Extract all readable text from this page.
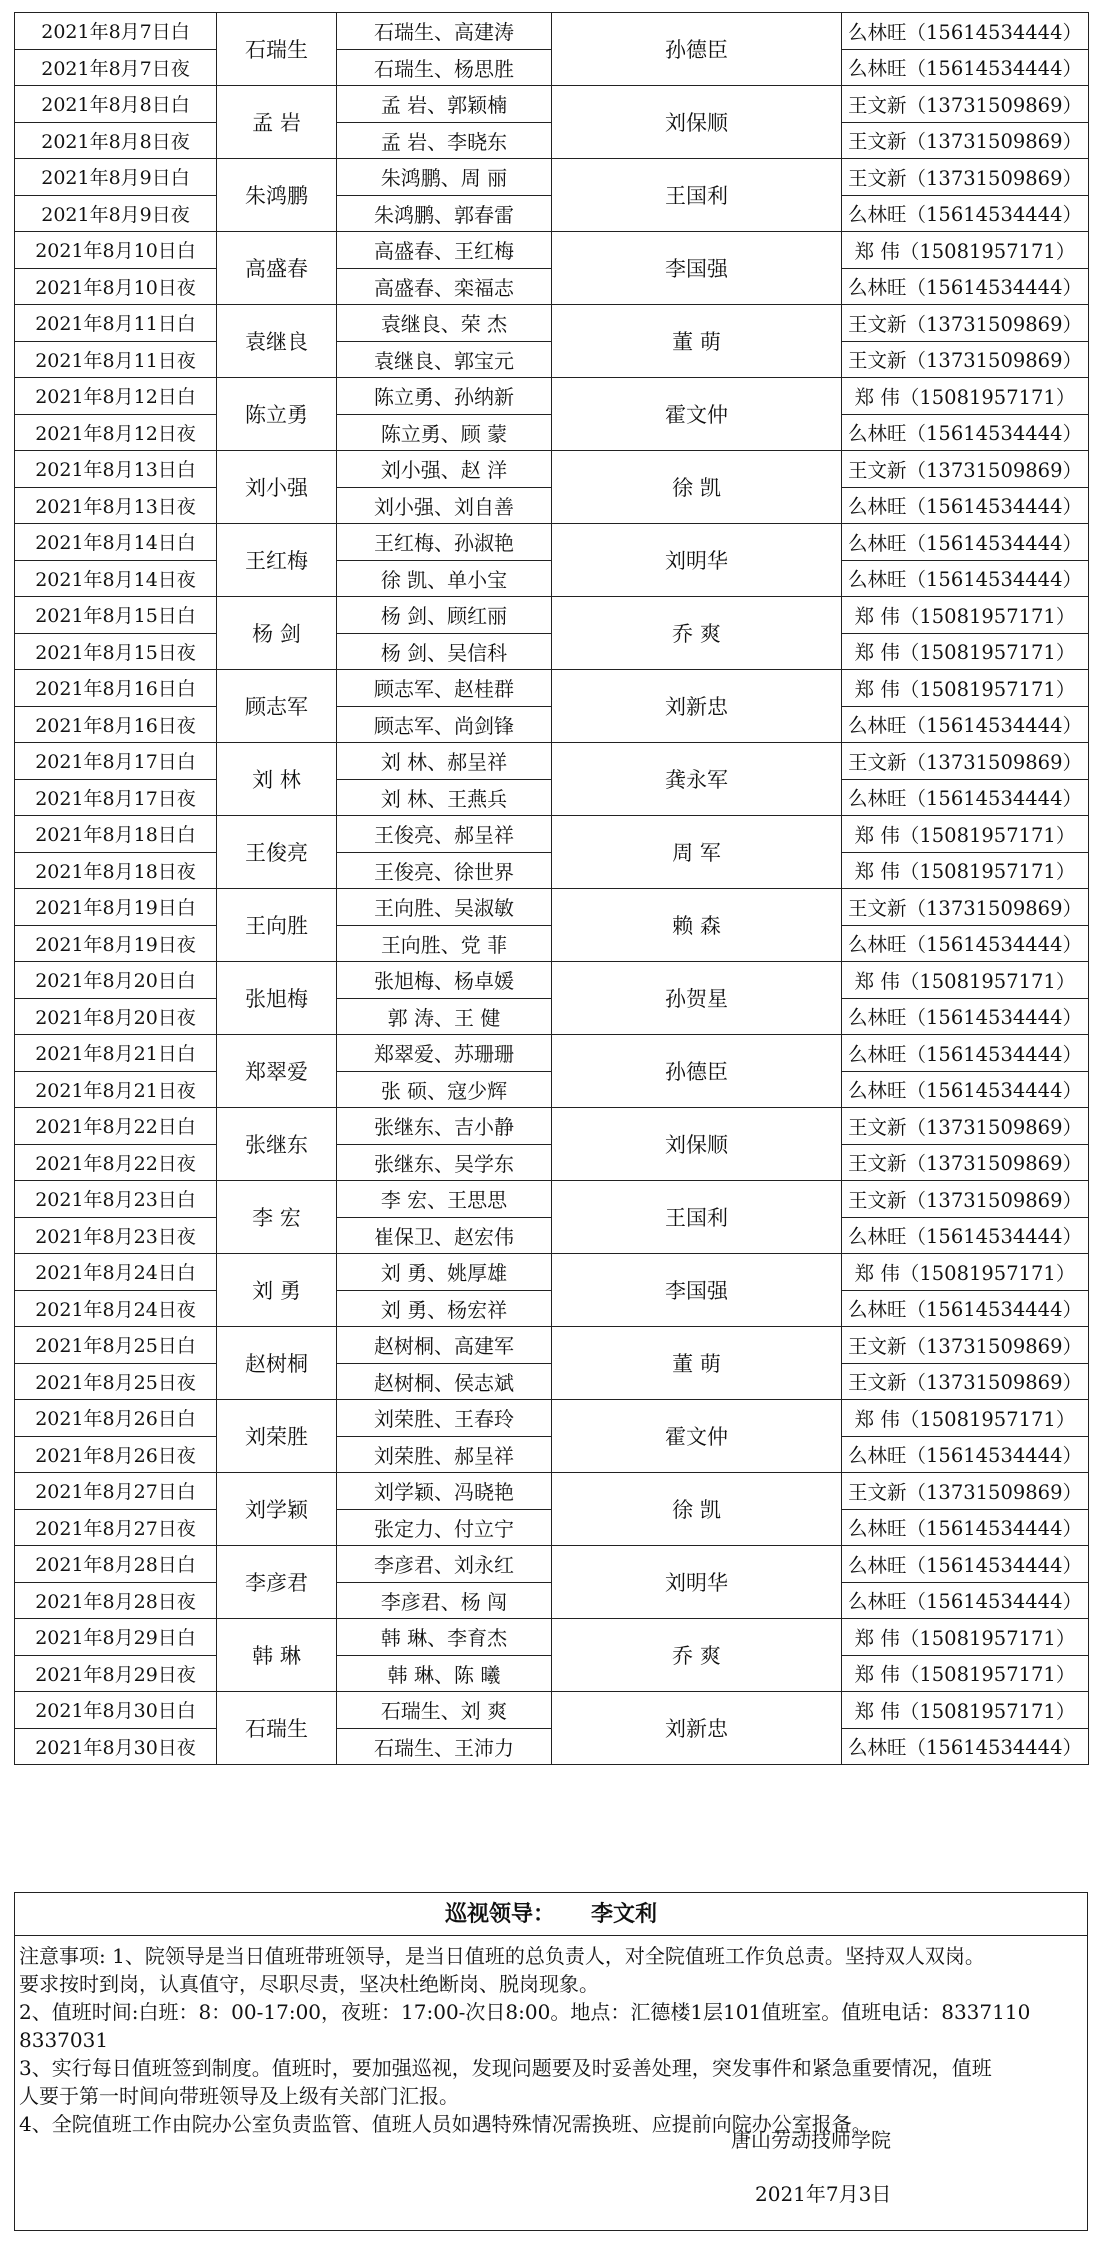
2021年8月7日白	石瑞生	石瑞生、高建涛	孙德臣	么林旺（15614534444）
2021年8月7日夜		石瑞生、杨思胜		么林旺（15614534444）
2021年8月8日白	孟 岩	孟 岩、郭颖楠	刘保顺	王文新（13731509869）
2021年8月8日夜		孟 岩、李晓东		王文新（13731509869）
2021年8月9日白	朱鸿鹏	朱鸿鹏、周 丽	王国利	王文新（13731509869）
2021年8月9日夜		朱鸿鹏、郭春雷		么林旺（15614534444）
2021年8月10日白	高盛春	高盛春、王红梅	李国强	郑 伟（15081957171）
2021年8月10日夜		高盛春、栾福志		么林旺（15614534444）
2021年8月11日白	袁继良	袁继良、荣 杰	董 萌	王文新（13731509869）
2021年8月11日夜		袁继良、郭宝元		王文新（13731509869）
2021年8月12日白	陈立勇	陈立勇、孙纳新	霍文仲	郑 伟（15081957171）
2021年8月12日夜		陈立勇、顾 蒙		么林旺（15614534444）
2021年8月13日白	刘小强	刘小强、赵 洋	徐 凯	王文新（13731509869）
2021年8月13日夜		刘小强、刘自善		么林旺（15614534444）
2021年8月14日白	王红梅	王红梅、孙淑艳	刘明华	么林旺（15614534444）
2021年8月14日夜		徐 凯、单小宝		么林旺（15614534444）
2021年8月15日白	杨 剑	杨 剑、顾红丽	乔 爽	郑 伟（15081957171）
2021年8月15日夜		杨 剑、吴信科		郑 伟（15081957171）
2021年8月16日白	顾志军	顾志军、赵桂群	刘新忠	郑 伟（15081957171）
2021年8月16日夜		顾志军、尚剑锋		么林旺（15614534444）
2021年8月17日白	刘 林	刘 林、郝呈祥	龚永军	王文新（13731509869）
2021年8月17日夜		刘 林、王燕兵		么林旺（15614534444）
2021年8月18日白	王俊亮	王俊亮、郝呈祥	周 军	郑 伟（15081957171）
2021年8月18日夜		王俊亮、徐世界		郑 伟（15081957171）
2021年8月19日白	王向胜	王向胜、吴淑敏	赖 森	王文新（13731509869）
2021年8月19日夜		王向胜、党 菲		么林旺（15614534444）
2021年8月20日白	张旭梅	张旭梅、杨卓媛	孙贺星	郑 伟（15081957171）
2021年8月20日夜		郭 涛、王 健		么林旺（15614534444）
2021年8月21日白	郑翠爱	郑翠爱、苏珊珊	孙德臣	么林旺（15614534444）
2021年8月21日夜		张 硕、寇少辉		么林旺（15614534444）
2021年8月22日白	张继东	张继东、吉小静	刘保顺	王文新（13731509869）
2021年8月22日夜		张继东、吴学东		王文新（13731509869）
2021年8月23日白	李 宏	李 宏、王思思	王国利	王文新（13731509869）
2021年8月23日夜		崔保卫、赵宏伟		么林旺（15614534444）
2021年8月24日白	刘 勇	刘 勇、姚厚雄	李国强	郑 伟（15081957171）
2021年8月24日夜		刘 勇、杨宏祥		么林旺（15614534444）
2021年8月25日白	赵树桐	赵树桐、高建军	董 萌	王文新（13731509869）
2021年8月25日夜		赵树桐、侯志斌		王文新（13731509869）
2021年8月26日白	刘荣胜	刘荣胜、王春玲	霍文仲	郑 伟（15081957171）
2021年8月26日夜		刘荣胜、郝呈祥		么林旺（15614534444）
2021年8月27日白	刘学颖	刘学颖、冯晓艳	徐 凯	王文新（13731509869）
2021年8月27日夜		张定力、付立宁		么林旺（15614534444）
2021年8月28日白	李彦君	李彦君、刘永红	刘明华	么林旺（15614534444）
2021年8月28日夜		李彦君、杨 闯		么林旺（15614534444）
2021年8月29日白	韩 琳	韩 琳、李育杰	乔 爽	郑 伟（15081957171）
2021年8月29日夜		韩 琳、陈 曦		郑 伟（15081957171）
2021年8月30日白	石瑞生	石瑞生、刘 爽	刘新忠	郑 伟（15081957171）
2021年8月30日夜		石瑞生、王沛力		么林旺（15614534444）
巡视领导： 李文利

注意事项: 1、院领导是当日值班带班领导，是当日值班的总负责人，对全院值班工作负总责。坚持双人双岗。

要求按时到岗，认真值守，尽职尽责，坚决杜绝断岗、脱岗现象。

2、值班时间:白班：8：00-17:00，夜班：17:00-次日8:00。地点：汇德楼1层101值班室。值班电话：8337110

8337031

3、实行每日值班签到制度。值班时，要加强巡视，发现问题要及时妥善处理，突发事件和紧急重要情况，值班

人要于第一时间向带班领导及上级有关部门汇报。

4、全院值班工作由院办公室负责监管、值班人员如遇特殊情况需换班、应提前向院办公室报备。

唐山劳动技师学院
2021年7月3日
